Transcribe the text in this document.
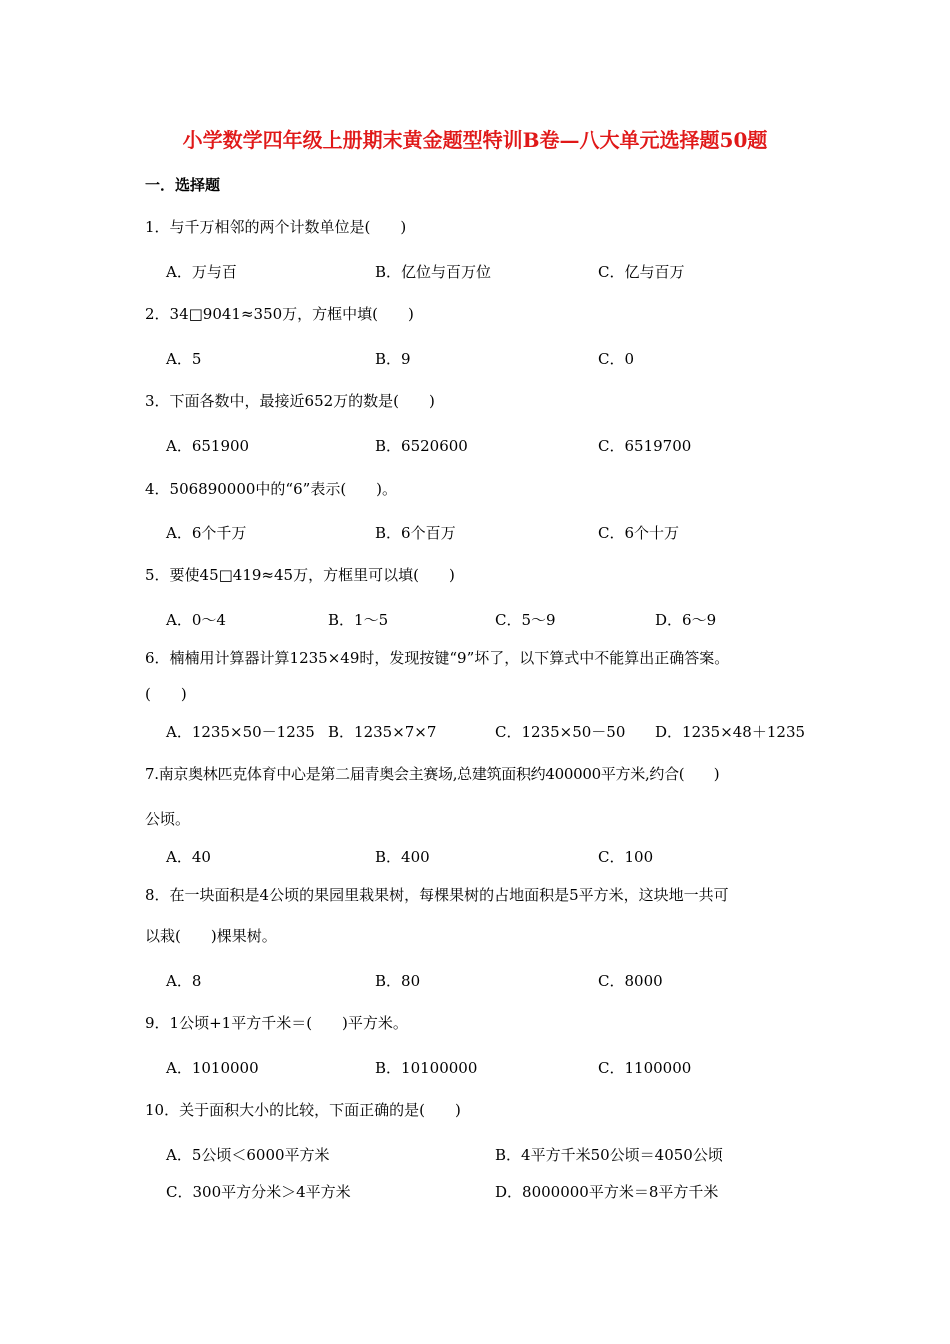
小学数学四年级上册期末黄金题型特训B卷—八大单元选择题50题
一．选择题
1．与千万相邻的两个计数单位是(　　)
A．万与百	B．亿位与百万位	C．亿与百万
2．34□9041≈350万，方框中填(　　)
A．5	B．9	C．0
3．下面各数中，最接近652万的数是(　　)
A．651900	B．6520600	C．6519700
4．506890000中的“6”表示(　　)。
A．6个千万	B．6个百万	C．6个十万
5．要使45□419≈45万，方框里可以填(　　)
A．0～4	B．1～5	C．5～9	D．6～9
6．楠楠用计算器计算1235×49时，发现按键“9”坏了，以下算式中不能算出正确答案。
(　　)
A．1235×50－1235 B．1235×7×7	C．1235×50－50 D．1235×48＋1235
7.南京奥林匹克体育中心是第二届青奥会主赛场,总建筑面积约400000平方米,约合(　　)
公顷。
A．40	B．400	C．100
8．在一块面积是4公顷的果园里栽果树，每棵果树的占地面积是5平方米，这块地一共可
以栽(　　)棵果树。
A．8	B．80	C．8000
9．1公顷+1平方千米＝(　　)平方米。
A．1010000	B．10100000	C．1100000
10．关于面积大小的比较，下面正确的是(　　)
A．5公顷＜6000平方米	B．4平方千米50公顷＝4050公顷
C．300平方分米＞4平方米	D．8000000平方米＝8平方千米
